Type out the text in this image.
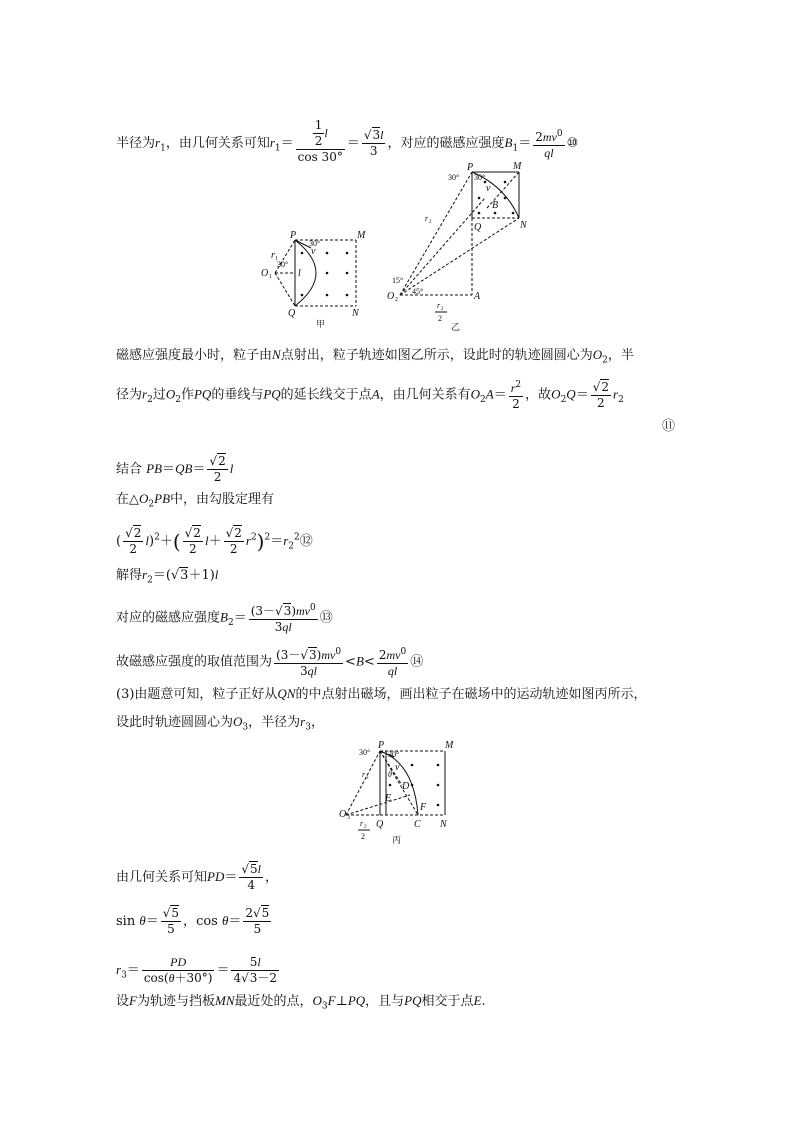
半径为$r_1$，由几何关系可知$r_1= \frac{\frac{1}{2} l}{\cos 30^\circ} = \frac{√3l}{3}$ ，对应的磁感应强度$B_1= \frac{2mv^0}{ql}$ ⑩
P	M
Q	N
O 1
r 1
l
v
30°
30°
甲
P	M
Q	N
B
v
A
O 2
r 2
30° 30°
15°
45°
r 2
2
乙
磁感应强度最小时，粒子由N点射出，粒子轨迹如图乙所示，设此时的轨迹圆圆心为$O_2$，半
径为$r_2$过$O_2$作PQ的垂线与PQ的延长线交于点A，由几何关系有$O_2A= \frac{r^2}{2}$ ，故$O_2Q= \frac{√2}{2} r_2$
⑪
结合 $PB=QB= \frac{√2}{2}$ l
在$\triangle O_2PB$中，由勾股定理有
( $\frac{√2}{2} l)^2+( \frac{√2}{2} l+ \frac{√2}{2}$ $r^2)^2=r_2^2⑫$
解得$r_2=(√3+1)l$
对应的磁感应强度$B_2= \frac{(3-√3)mv^0}{3ql}$ ⑬
故磁感应强度的取值范围为 $\frac{(3-√3)mv^0}{3ql} <B< \frac{2mv^0}{ql}$ ⑭
(3)由题意可知，粒子正好从QN的中点射出磁场，画出粒子在磁场中的运动轨迹如图丙所示，
设此时轨迹圆圆心为$O_3$，半径为$r_3$，
P	M
Q	C N
F
D
E
v
θ
O 3
r 3
30° 30°
r 3
2	丙
由几何关系可知$PD= \frac{√5l}{4}$ ，
$\sin \theta= \frac{√5}{5}$ ，$\cos \theta= \frac{2√5}{5}$
$r_3= \frac{PD}{\cos(\theta+30^\circ)} = \frac{5l}{4√3-2}$
设F为轨迹与挡板MN最近处的点，$O_3F\perp PQ$，且与PQ相交于点E.
